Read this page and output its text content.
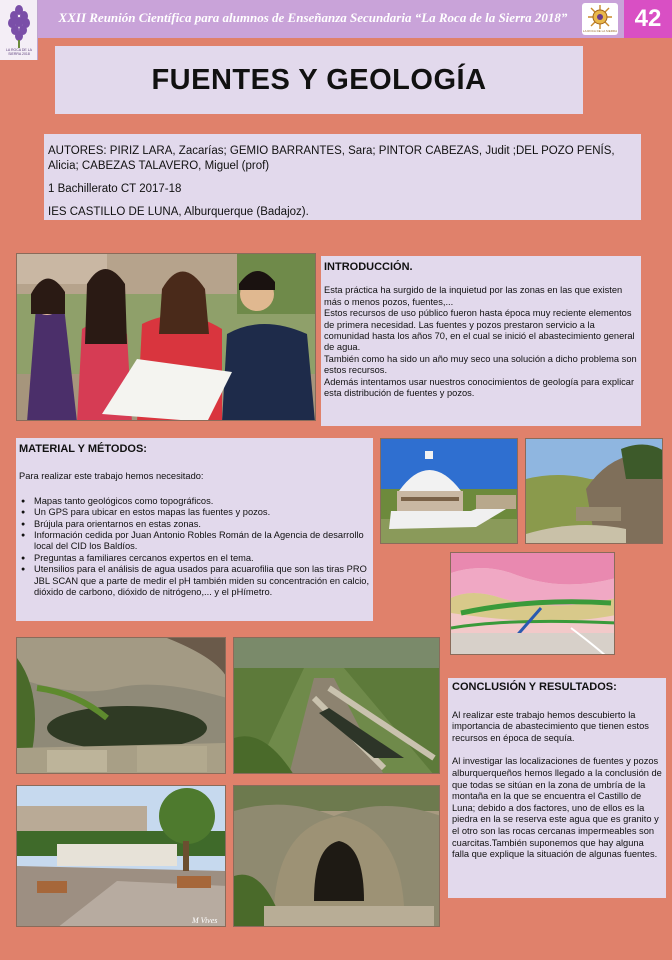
XXII Reunión Científica para alumnos de Enseñanza Secundaria “La Roca de la Sierra 2018”
LA ROCA DE LA SIERRA 2018
LA ROCA DE LA SIERRA 42
FUENTES Y GEOLOGÍA

AUTORES: PIRIZ LARA, Zacarías; GEMIO BARRANTES, Sara; PINTOR CABEZAS, Judit ;DEL POZO PENÍS, Alicia; CABEZAS TALAVERO, Miguel (prof)

1 Bachillerato CT 2017-18

IES CASTILLO DE LUNA, Alburquerque (Badajoz).

INTRODUCCIÓN.

Esta práctica ha surgido de la inquietud por las zonas en las que existen más o menos pozos, fuentes,...

Estos recursos de uso público fueron hasta época muy reciente elementos de primera necesidad. Las fuentes y pozos prestaron servicio a la comunidad hasta los años 70, en el cual se inició el abastecimiento general de agua.

También como ha sido un año muy seco una solución a dicho problema son estos recursos.

Además intentamos usar nuestros conocimientos de geología para explicar esta distribución de fuentes y pozos.

MATERIAL Y MÉTODOS:

Para realizar este trabajo hemos necesitado:

● Mapas tanto geológicos como topográficos.
● Un GPS para ubicar en estos mapas las fuentes y pozos.
● Brújula para orientarnos en estas zonas.
● Información cedida por Juan Antonio Robles Román de la Agencia de desarrollo local del CID los Baldíos.
● Preguntas a familiares cercanos expertos en el tema.
● Utensilios para el análisis de agua usados para acuarofilia que son las tiras PRO JBL SCAN que a parte de medir el pH también miden su concentración en calcio, dióxido de carbono, dióxido de nitrógeno,... y el pHímetro.
M Vives
CONCLUSIÓN Y RESULTADOS:

Al realizar este trabajo hemos descubierto la importancia de abastecimiento que tienen estos recursos en época de sequía.

Al investigar las localizaciones de fuentes y pozos alburquerqueños hemos llegado a la conclusión de que todas se sitúan en la zona de umbría de la montaña en la que se encuentra el Castillo de Luna; debido a dos factores, uno de ellos es la piedra en la se reserva este agua que es granito y el otro son las rocas cercanas impermeables son cuarcitas.También suponemos que hay alguna falla que explique la situación de algunas fuentes.
